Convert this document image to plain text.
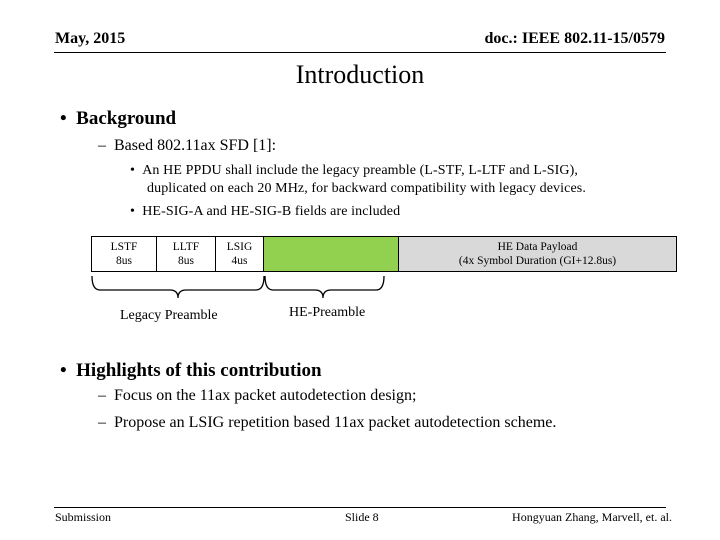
May, 2015	doc.: IEEE 802.11-15/0579
Introduction
•  Background
–  Based 802.11ax SFD [1]:
•  An HE PPDU shall include the legacy preamble (L-STF, L-LTF and L-SIG),
duplicated on each 20 MHz, for backward compatibility with legacy devices.
•  HE-SIG-A and HE-SIG-B fields are included
LSTF
8us
LLTF
8us
LSIG
4us
HE Data Payload
(4x Symbol Duration (GI+12.8us)
Legacy Preamble	HE-Preamble
•  Highlights of this contribution
–  Focus on the 11ax packet autodetection design;
–  Propose an LSIG repetition based 11ax packet autodetection scheme.
Submission	Slide 8	Hongyuan Zhang, Marvell, et. al.
